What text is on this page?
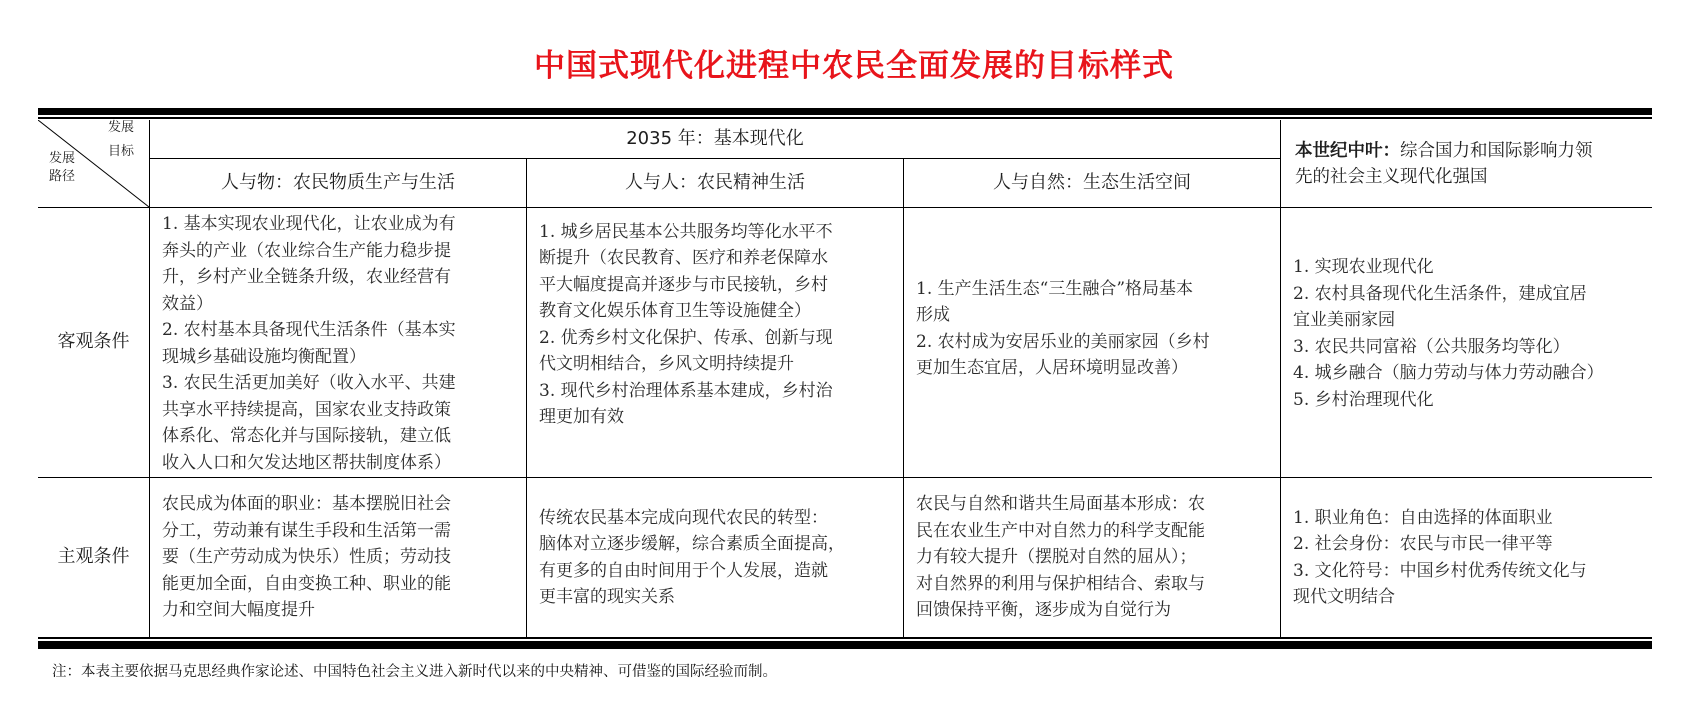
中国式现代化进程中农民全面发展的目标样式
发展
目标
发展
路径
2035 年：基本现代化
人与物：农民物质生产与生活	人与人：农民精神生活	人与自然：生态生活空间
本世纪中叶：综合国力和国际影响力领
先的社会主义现代化强国
客观条件
主观条件
1. 基本实现农业现代化，让农业成为有
奔头的产业（农业综合生产能力稳步提
升，乡村产业全链条升级，农业经营有
效益）
2. 农村基本具备现代生活条件（基本实
现城乡基础设施均衡配置）
3. 农民生活更加美好（收入水平、共建
共享水平持续提高，国家农业支持政策
体系化、常态化并与国际接轨，建立低
收入人口和欠发达地区帮扶制度体系）
1. 城乡居民基本公共服务均等化水平不
断提升（农民教育、医疗和养老保障水
平大幅度提高并逐步与市民接轨，乡村
教育文化娱乐体育卫生等设施健全）
2. 优秀乡村文化保护、传承、创新与现
代文明相结合，乡风文明持续提升
3. 现代乡村治理体系基本建成，乡村治
理更加有效
1. 生产生活生态“三生融合”格局基本
形成
2. 农村成为安居乐业的美丽家园（乡村
更加生态宜居，人居环境明显改善）
1. 实现农业现代化
2. 农村具备现代化生活条件，建成宜居
宜业美丽家园
3. 农民共同富裕（公共服务均等化）
4. 城乡融合（脑力劳动与体力劳动融合）
5. 乡村治理现代化
农民成为体面的职业：基本摆脱旧社会
分工，劳动兼有谋生手段和生活第一需
要（生产劳动成为快乐）性质；劳动技
能更加全面，自由变换工种、职业的能
力和空间大幅度提升
传统农民基本完成向现代农民的转型：
脑体对立逐步缓解，综合素质全面提高，
有更多的自由时间用于个人发展，造就
更丰富的现实关系
农民与自然和谐共生局面基本形成：农
民在农业生产中对自然力的科学支配能
力有较大提升（摆脱对自然的屈从）；
对自然界的利用与保护相结合、索取与
回馈保持平衡，逐步成为自觉行为
1. 职业角色：自由选择的体面职业
2. 社会身份：农民与市民一律平等
3. 文化符号：中国乡村优秀传统文化与
现代文明结合
注：本表主要依据马克思经典作家论述、中国特色社会主义进入新时代以来的中央精神、可借鉴的国际经验而制。
